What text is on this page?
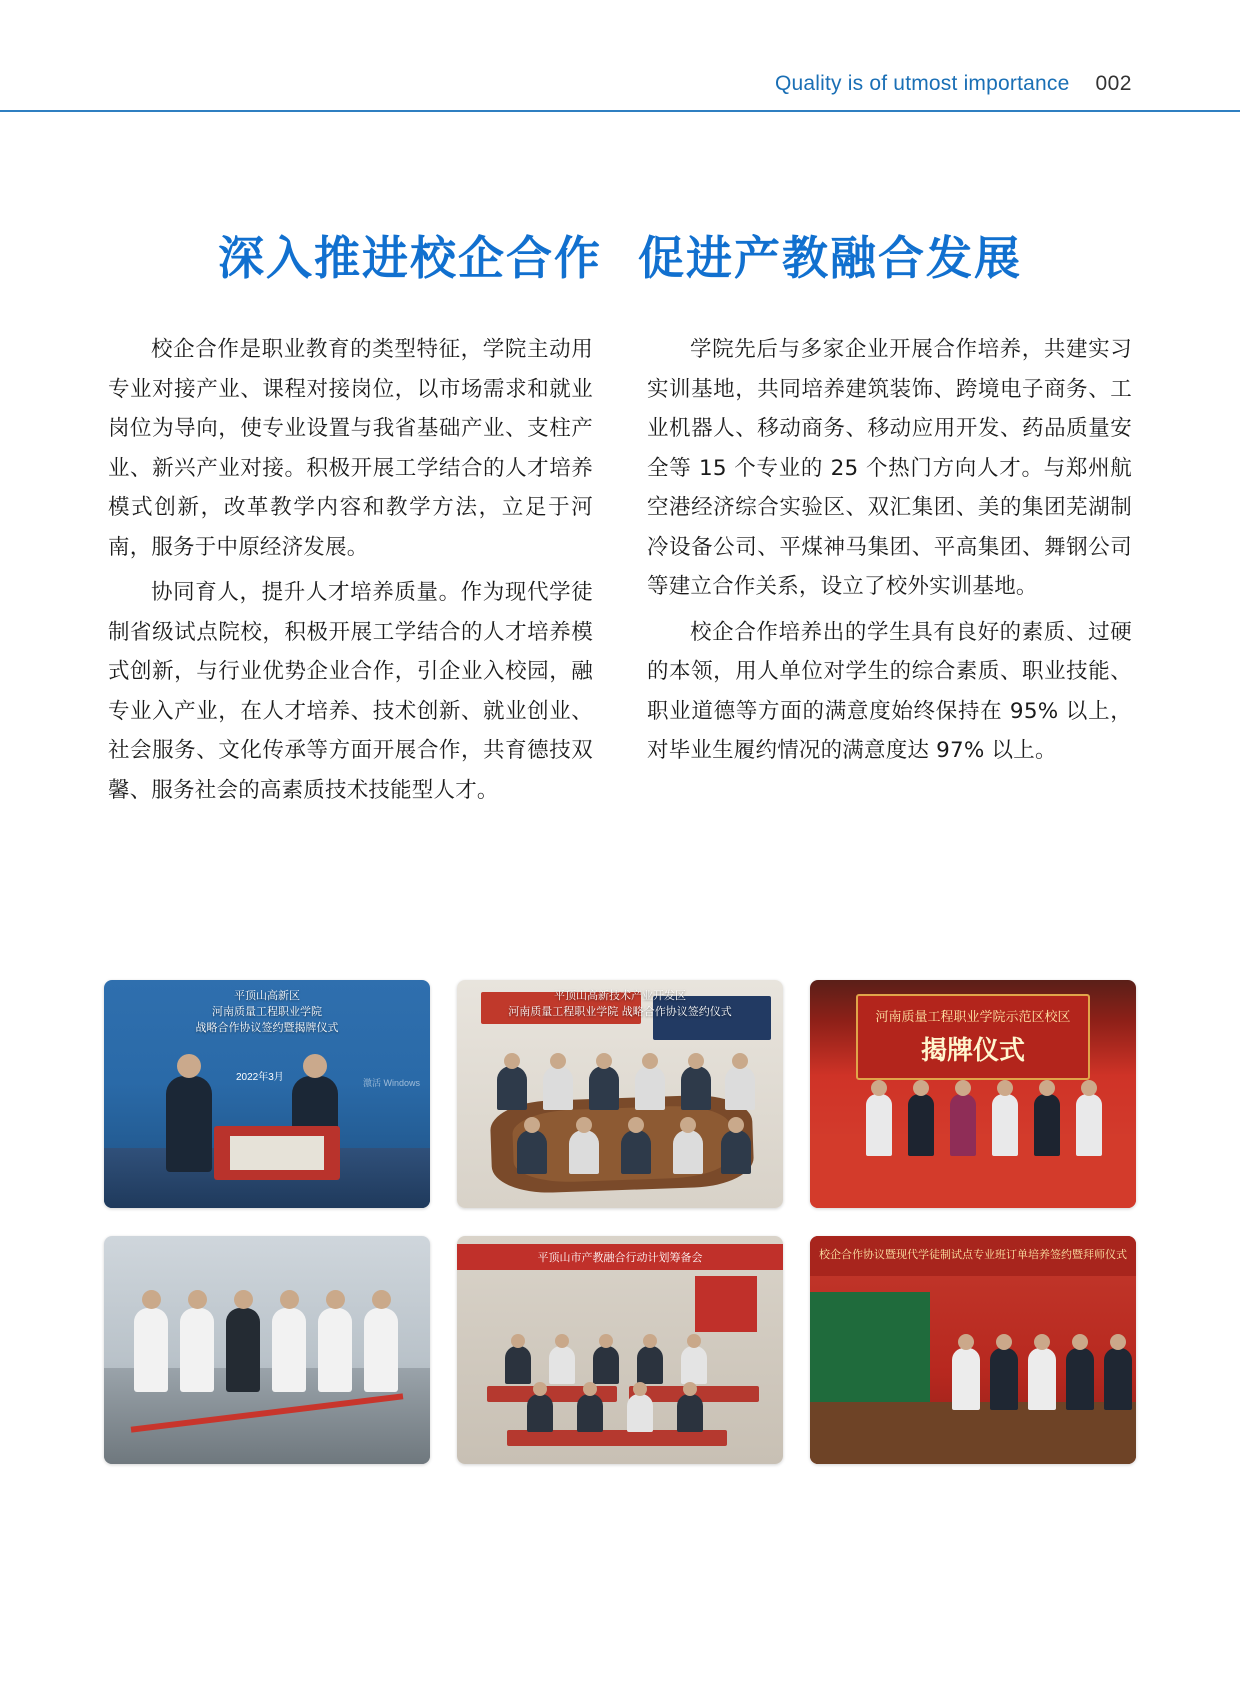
Quality is of utmost importance 002
深入推进校企合作  促进产教融合发展

校企合作是职业教育的类型特征，学院主动用专业对接产业、课程对接岗位，以市场需求和就业岗位为导向，使专业设置与我省基础产业、支柱产业、新兴产业对接。积极开展工学结合的人才培养模式创新，改革教学内容和教学方法，立足于河南，服务于中原经济发展。

协同育人，提升人才培养质量。作为现代学徒制省级试点院校，积极开展工学结合的人才培养模式创新，与行业优势企业合作，引企业入校园，融专业入产业，在人才培养、技术创新、就业创业、社会服务、文化传承等方面开展合作，共育德技双馨、服务社会的高素质技术技能型人才。

学院先后与多家企业开展合作培养，共建实习实训基地，共同培养建筑装饰、跨境电子商务、工业机器人、移动商务、移动应用开发、药品质量安全等 15 个专业的 25 个热门方向人才。与郑州航空港经济综合实验区、双汇集团、美的集团芜湖制冷设备公司、平煤神马集团、平高集团、舞钢公司等建立合作关系，设立了校外实训基地。

校企合作培养出的学生具有良好的素质、过硬的本领，用人单位对学生的综合素质、职业技能、职业道德等方面的满意度始终保持在 95% 以上，对毕业生履约情况的满意度达 97% 以上。

平顶山高新区
河南质量工程职业学院
战略合作协议签约暨揭牌仪式
2022年3月	激活 Windows
平顶山高新技术产业开发区
河南质量工程职业学院 战略合作协议签约仪式	河南质量工程职业学院示范区校区
揭牌仪式
平顶山市产教融合行动计划筹备会	校企合作协议暨现代学徒制试点专业班订单培养签约暨拜师仪式
